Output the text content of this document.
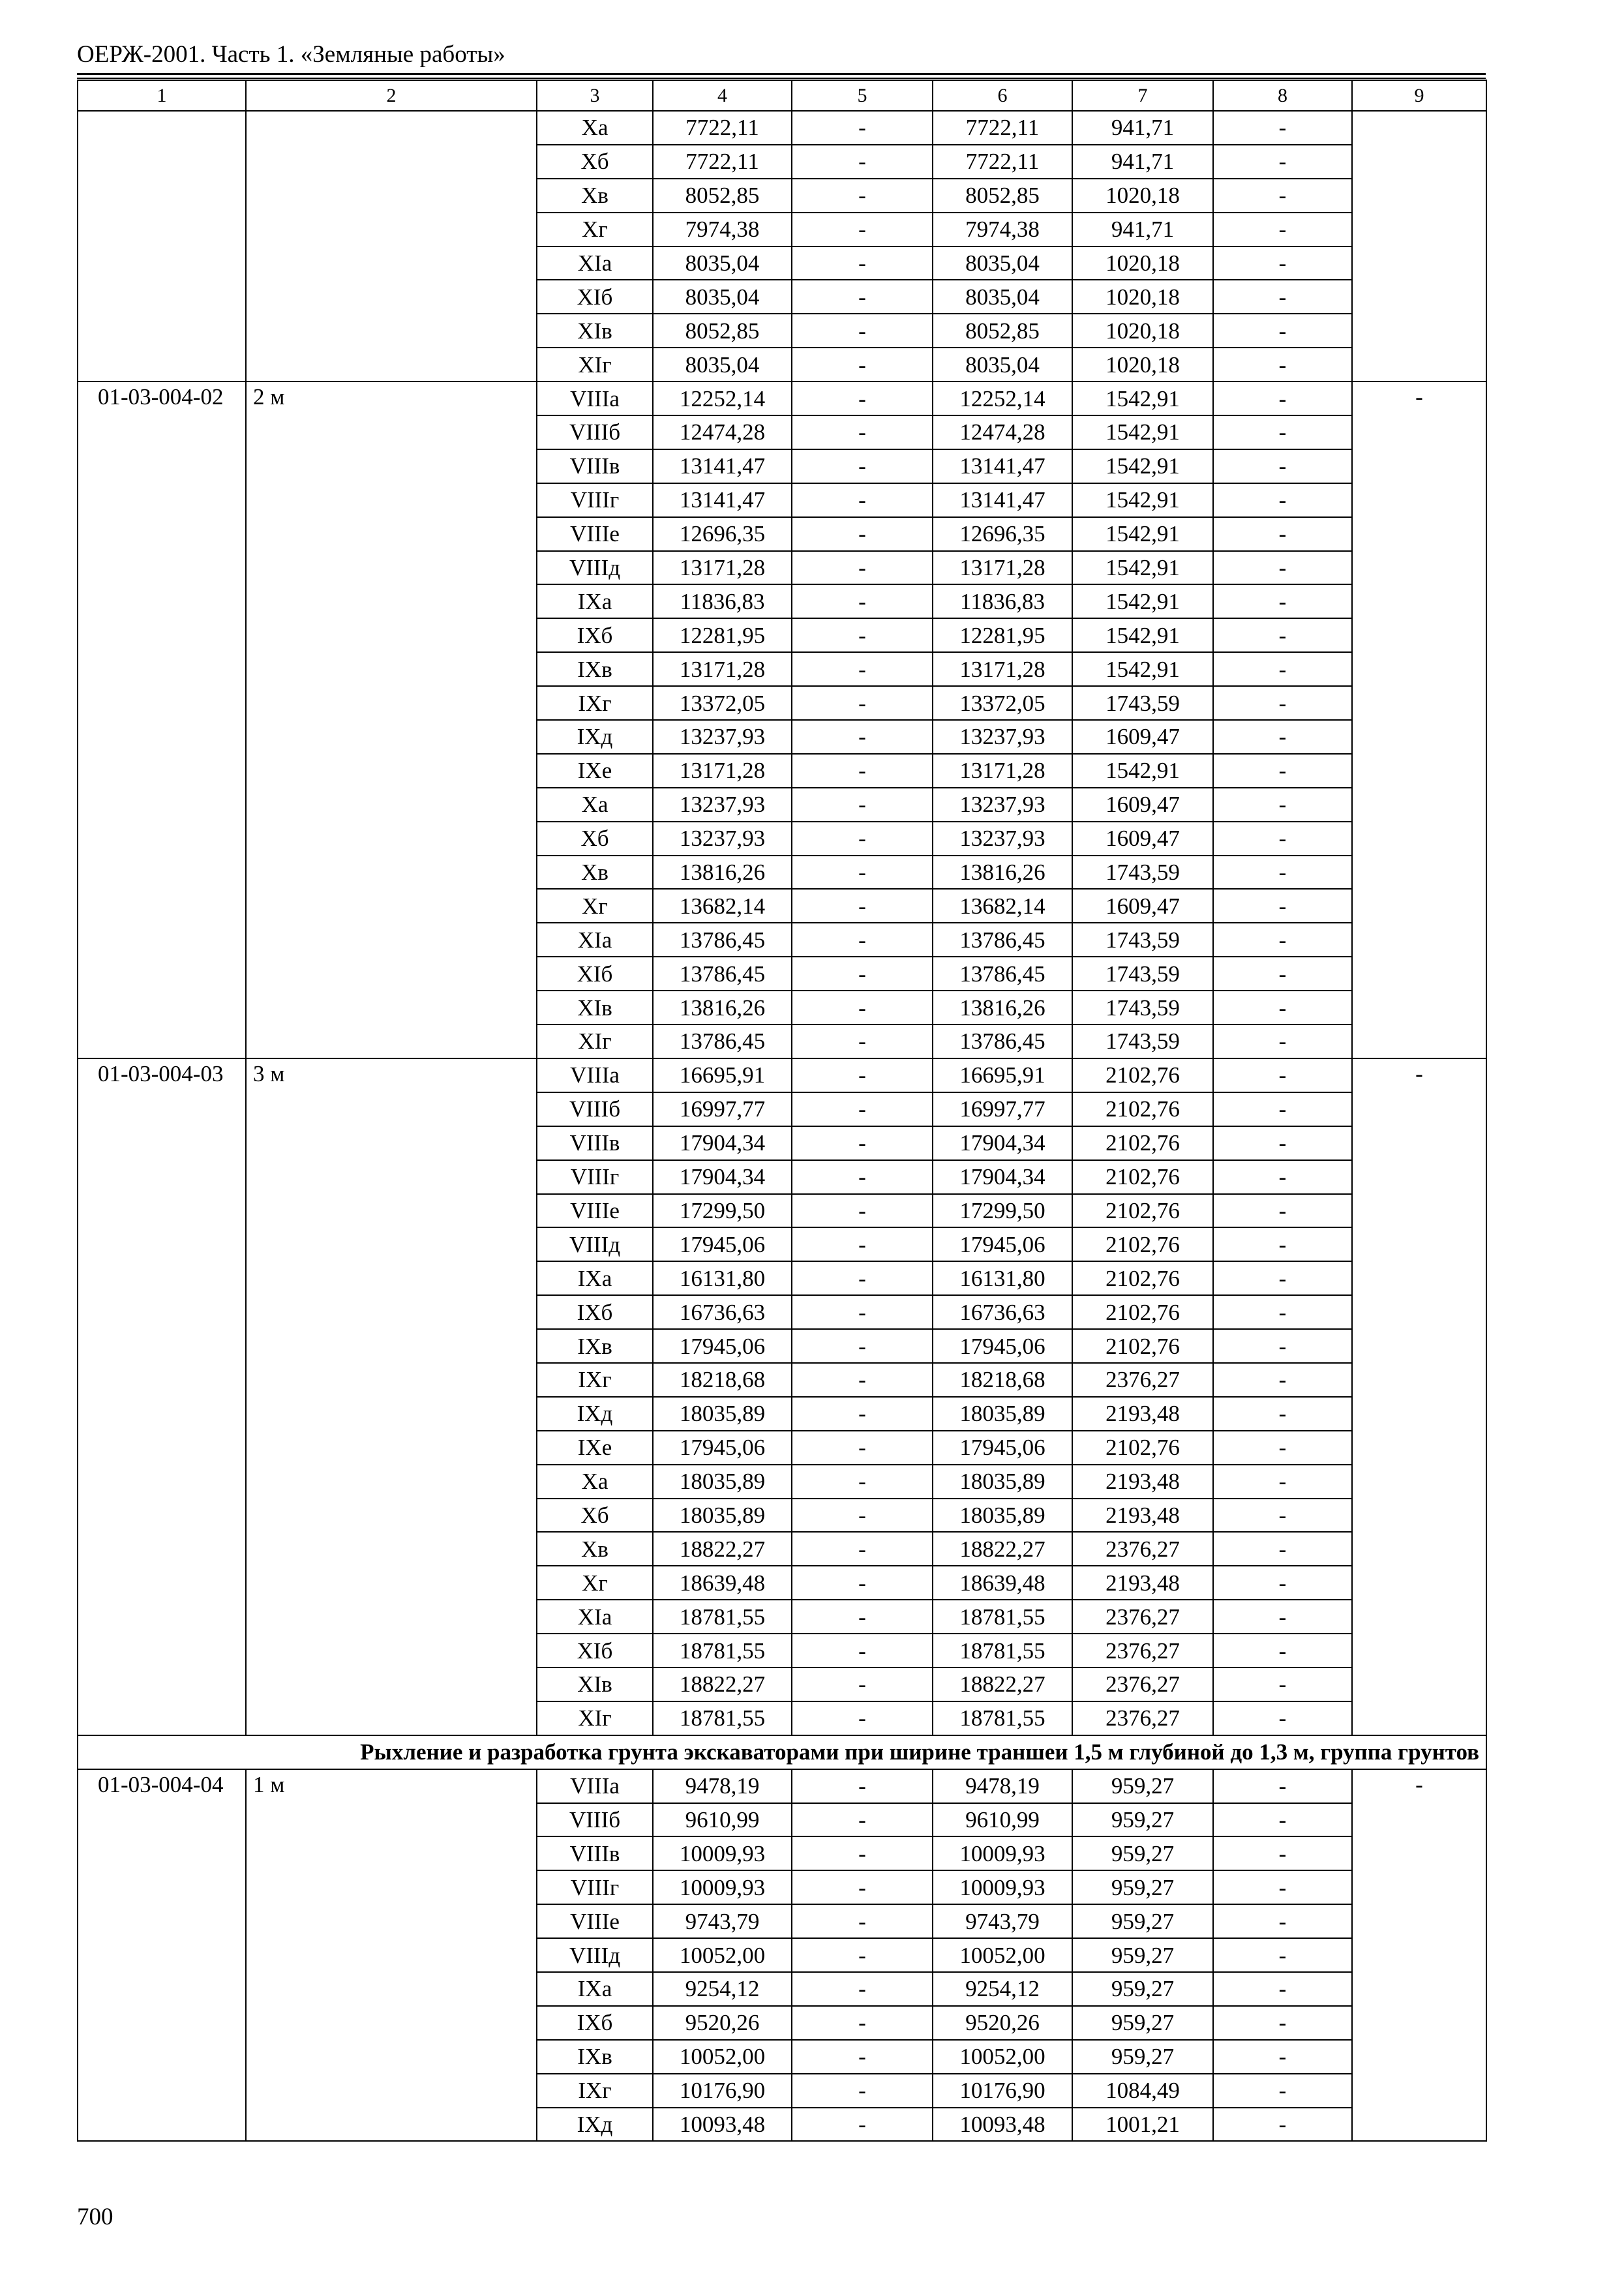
ОЕРЖ-2001. Часть 1. «Земляные работы»
1	2	3	4	5	6	7	8	9
		Xa	7722,11	-	7722,11	941,71	-	
		Xб	7722,11	-	7722,11	941,71	-	
		Xв	8052,85	-	8052,85	1020,18	-	
		Xг	7974,38	-	7974,38	941,71	-	
		XIa	8035,04	-	8035,04	1020,18	-	
		XIб	8035,04	-	8035,04	1020,18	-	
		XIв	8052,85	-	8052,85	1020,18	-	
		XIг	8035,04	-	8035,04	1020,18	-	
01-03-004-02	2 м	VIIIa	12252,14	-	12252,14	1542,91	-	-
		VIIIб	12474,28	-	12474,28	1542,91	-	
		VIIIв	13141,47	-	13141,47	1542,91	-	
		VIIIг	13141,47	-	13141,47	1542,91	-	
		VIIIе	12696,35	-	12696,35	1542,91	-	
		VIIIд	13171,28	-	13171,28	1542,91	-	
		IXa	11836,83	-	11836,83	1542,91	-	
		IXб	12281,95	-	12281,95	1542,91	-	
		IXв	13171,28	-	13171,28	1542,91	-	
		IXг	13372,05	-	13372,05	1743,59	-	
		IXд	13237,93	-	13237,93	1609,47	-	
		IXе	13171,28	-	13171,28	1542,91	-	
		Xa	13237,93	-	13237,93	1609,47	-	
		Xб	13237,93	-	13237,93	1609,47	-	
		Xв	13816,26	-	13816,26	1743,59	-	
		Xг	13682,14	-	13682,14	1609,47	-	
		XIa	13786,45	-	13786,45	1743,59	-	
		XIб	13786,45	-	13786,45	1743,59	-	
		XIв	13816,26	-	13816,26	1743,59	-	
		XIг	13786,45	-	13786,45	1743,59	-	
01-03-004-03	3 м	VIIIa	16695,91	-	16695,91	2102,76	-	-
		VIIIб	16997,77	-	16997,77	2102,76	-	
		VIIIв	17904,34	-	17904,34	2102,76	-	
		VIIIг	17904,34	-	17904,34	2102,76	-	
		VIIIе	17299,50	-	17299,50	2102,76	-	
		VIIIд	17945,06	-	17945,06	2102,76	-	
		IXa	16131,80	-	16131,80	2102,76	-	
		IXб	16736,63	-	16736,63	2102,76	-	
		IXв	17945,06	-	17945,06	2102,76	-	
		IXг	18218,68	-	18218,68	2376,27	-	
		IXд	18035,89	-	18035,89	2193,48	-	
		IXе	17945,06	-	17945,06	2102,76	-	
		Xa	18035,89	-	18035,89	2193,48	-	
		Xб	18035,89	-	18035,89	2193,48	-	
		Xв	18822,27	-	18822,27	2376,27	-	
		Xг	18639,48	-	18639,48	2193,48	-	
		XIa	18781,55	-	18781,55	2376,27	-	
		XIб	18781,55	-	18781,55	2376,27	-	
		XIв	18822,27	-	18822,27	2376,27	-	
		XIг	18781,55	-	18781,55	2376,27	-	
Рыхление и разработка грунта экскаваторами при ширине траншеи 1,5 м глубиной до 1,3 м, группа грунтов								
01-03-004-04	1 м	VIIIa	9478,19	-	9478,19	959,27	-	-
		VIIIб	9610,99	-	9610,99	959,27	-	
		VIIIв	10009,93	-	10009,93	959,27	-	
		VIIIг	10009,93	-	10009,93	959,27	-	
		VIIIе	9743,79	-	9743,79	959,27	-	
		VIIIд	10052,00	-	10052,00	959,27	-	
		IXa	9254,12	-	9254,12	959,27	-	
		IXб	9520,26	-	9520,26	959,27	-	
		IXв	10052,00	-	10052,00	959,27	-	
		IXг	10176,90	-	10176,90	1084,49	-	
		IXд	10093,48	-	10093,48	1001,21	-	
700
